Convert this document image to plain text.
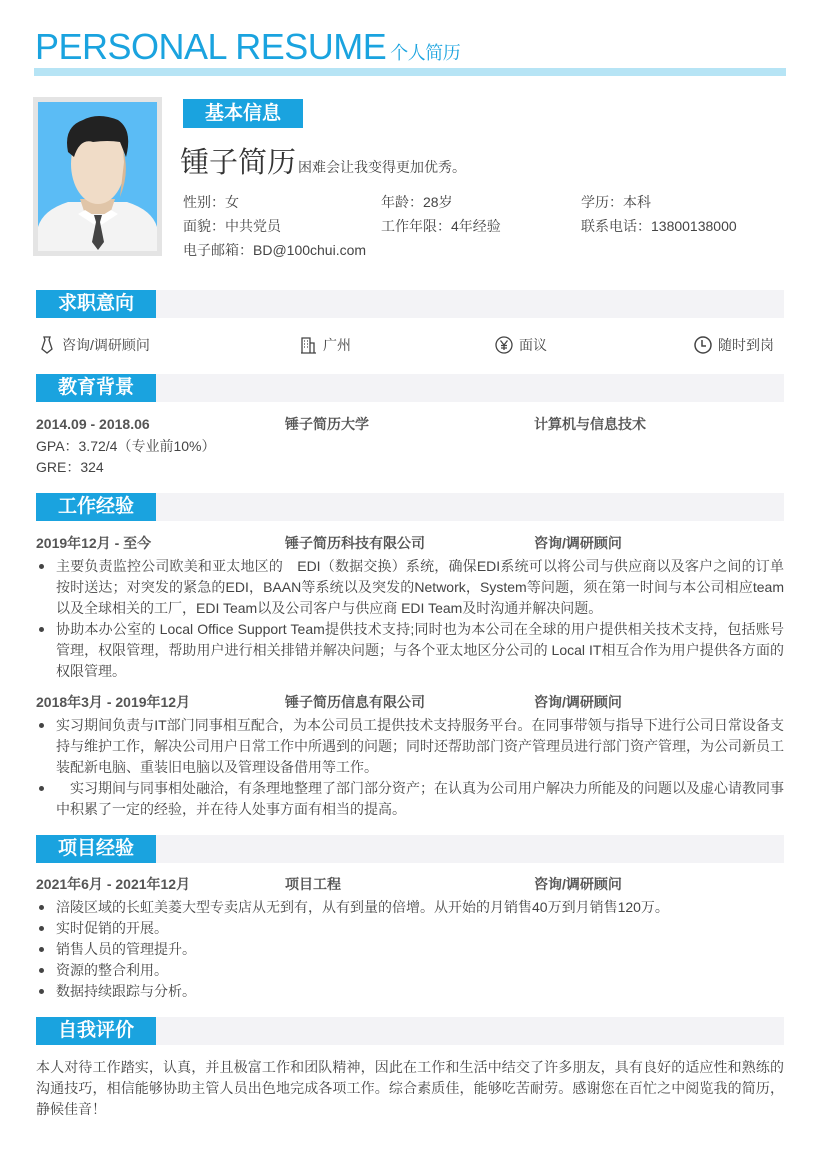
PERSONAL RESUME 个人简历
基本信息
锺子简历 困难会让我变得更加优秀。
性别：女	年龄：28岁	学历：本科
面貌：中共党员	工作年限：4年经验	联系电话：13800138000
电子邮箱：BD@100chui.com
求职意向
咨询/调研顾问	广州	面议	随时到岗
教育背景
2014.09 - 2018.06	锤子简历大学	计算机与信息技术
GPA：3.72/4（专业前10%）
GRE：324
工作经验
2019年12月 - 至今	锤子简历科技有限公司	咨询/调研顾问
主要负责监控公司欧美和亚太地区的　EDI（数据交换）系统，确保EDI系统可以将公司与供应商以及客户之间的订单按时送达；对突发的紧急的EDI，BAAN等系统以及突发的Network，System等问题，须在第一时间与本公司相应team以及全球相关的工厂，EDI Team以及公司客户与供应商 EDI Team及时沟通并解决问题。
协助本办公室的 Local Office Support Team提供技术支持;同时也为本公司在全球的用户提供相关技术支持，包括账号管理，权限管理，帮助用户进行相关排错并解决问题；与各个亚太地区分公司的 Local IT相互合作为用户提供各方面的权限管理。
2018年3月 - 2019年12月	锤子简历信息有限公司	咨询/调研顾问
实习期间负责与IT部门同事相互配合，为本公司员工提供技术支持服务平台。在同事带领与指导下进行公司日常设备支持与维护工作，解决公司用户日常工作中所遇到的问题；同时还帮助部门资产管理员进行部门资产管理，为公司新员工装配新电脑、重装旧电脑以及管理设备借用等工作。
　实习期间与同事相处融洽，有条理地整理了部门部分资产；在认真为公司用户解决力所能及的问题以及虚心请教同事中积累了一定的经验，并在待人处事方面有相当的提高。
项目经验
2021年6月 - 2021年12月	项目工程	咨询/调研顾问
涪陵区域的长虹美菱大型专卖店从无到有，从有到量的倍增。从开始的月销售40万到月销售120万。
实时促销的开展。
销售人员的管理提升。
资源的整合利用。
数据持续跟踪与分析。
自我评价
本人对待工作踏实，认真，并且极富工作和团队精神，因此在工作和生活中结交了许多朋友，具有良好的适应性和熟练的沟通技巧，相信能够协助主管人员出色地完成各项工作。综合素质佳，能够吃苦耐劳。感谢您在百忙之中阅览我的简历，静候佳音！
